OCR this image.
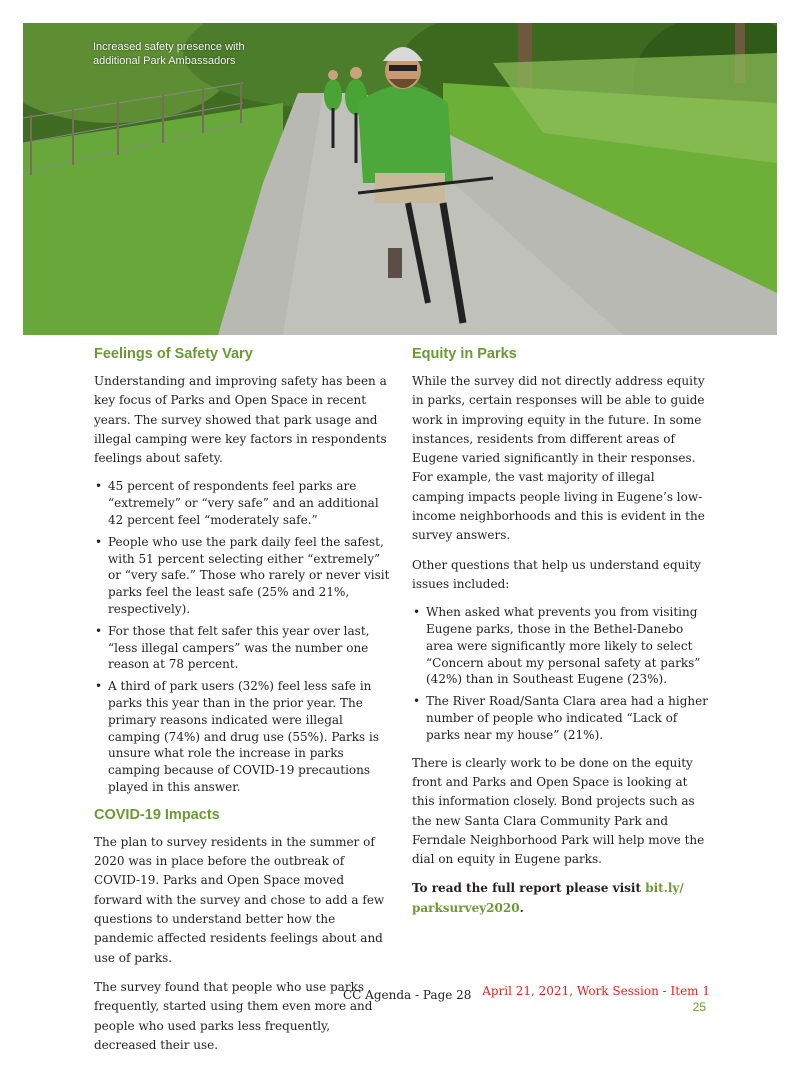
Increased safety presence with additional Park Ambassadors
Feelings of Safety Vary

Understanding and improving safety has been a key focus of Parks and Open Space in recent years. The survey showed that park usage and illegal camping were key factors in respondents feelings about safety.

• 45 percent of respondents feel parks are “extremely” or “very safe” and an additional 42 percent feel “moderately safe.”
• People who use the park daily feel the safest, with 51 percent selecting either “extremely” or “very safe.” Those who rarely or never visit parks feel the least safe (25% and 21%, respectively).
• For those that felt safer this year over last, “less illegal campers” was the number one reason at 78 percent.
• A third of park users (32%) feel less safe in parks this year than in the prior year. The primary reasons indicated were illegal camping (74%) and drug use (55%). Parks is unsure what role the increase in parks camping because of COVID-19 precautions played in this answer.
COVID-19 Impacts

The plan to survey residents in the summer of 2020 was in place before the outbreak of COVID-19. Parks and Open Space moved forward with the survey and chose to add a few questions to understand better how the pandemic affected residents feelings about and use of parks.

The survey found that people who use parks frequently, started using them even more and people who used parks less frequently, decreased their use.

Equity in Parks

While the survey did not directly address equity in parks, certain responses will be able to guide work in improving equity in the future. In some instances, residents from different areas of Eugene varied significantly in their responses. For example, the vast majority of illegal camping impacts people living in Eugene’s low-income neighborhoods and this is evident in the survey answers.

Other questions that help us understand equity issues included:

• When asked what prevents you from visiting Eugene parks, those in the Bethel-Danebo area were significantly more likely to select “Concern about my personal safety at parks” (42%) than in Southeast Eugene (23%).
• The River Road/Santa Clara area had a higher number of people who indicated “Lack of parks near my house” (21%).

There is clearly work to be done on the equity front and Parks and Open Space is looking at this information closely. Bond projects such as the new Santa Clara Community Park and Ferndale Neighborhood Park will help move the dial on equity in Eugene parks.

To read the full report please visit bit.ly/ parksurvey2020.

CC Agenda - Page 28 April 21, 2021, Work Session - Item 1
25
